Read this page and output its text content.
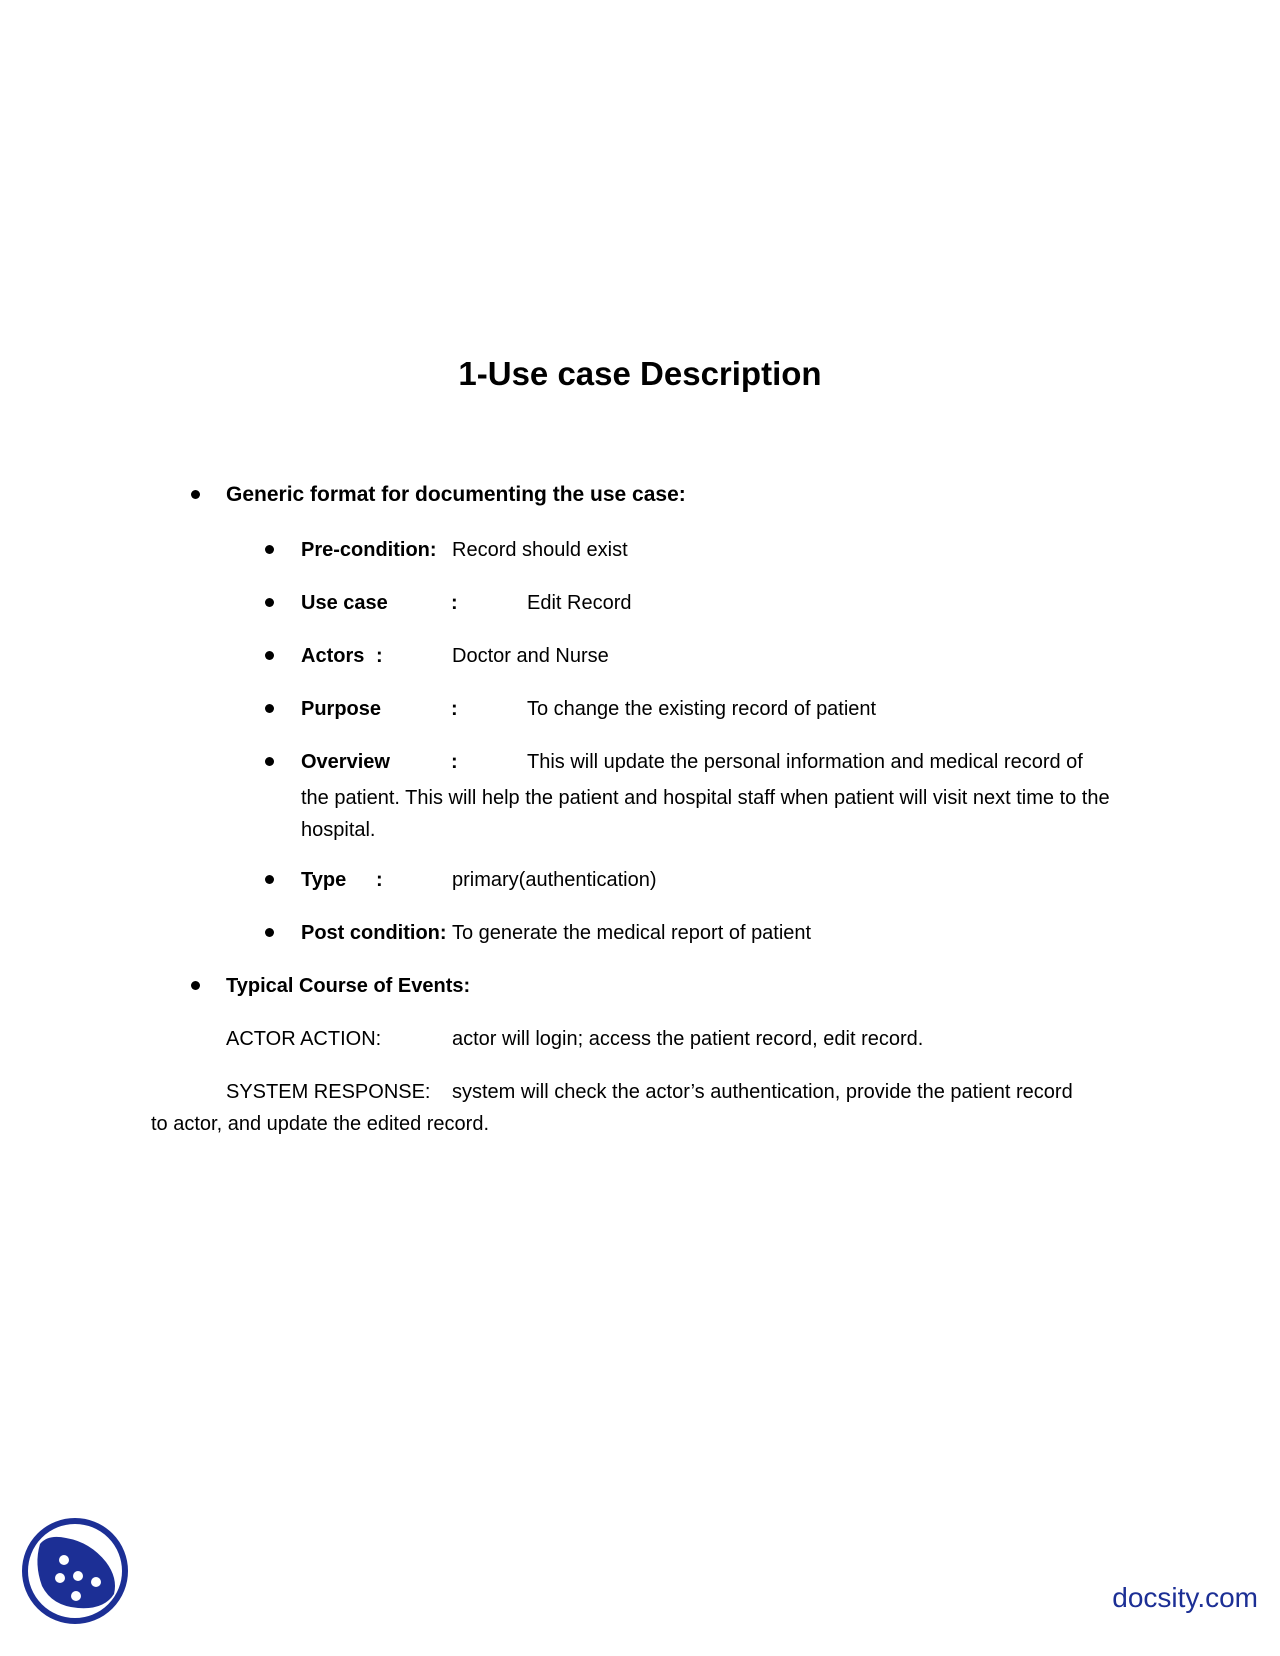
1-Use case Description
Generic format for documenting the use case:
Pre-condition: Record should exist
Use case	:	Edit Record
Actors :	Doctor and Nurse
Purpose	:	To change the existing record of patient
Overview	:	This will update the personal information and medical record of
the patient. This will help the patient and hospital staff when patient will visit next time to the hospital.
Type :	primary(authentication)
Post condition: To generate the medical report of patient
Typical Course of Events:
ACTOR ACTION:	actor will login; access the patient record, edit record.
SYSTEM RESPONSE: system will check the actor’s authentication, provide the patient record
to actor, and update the edited record.
docsity.com
